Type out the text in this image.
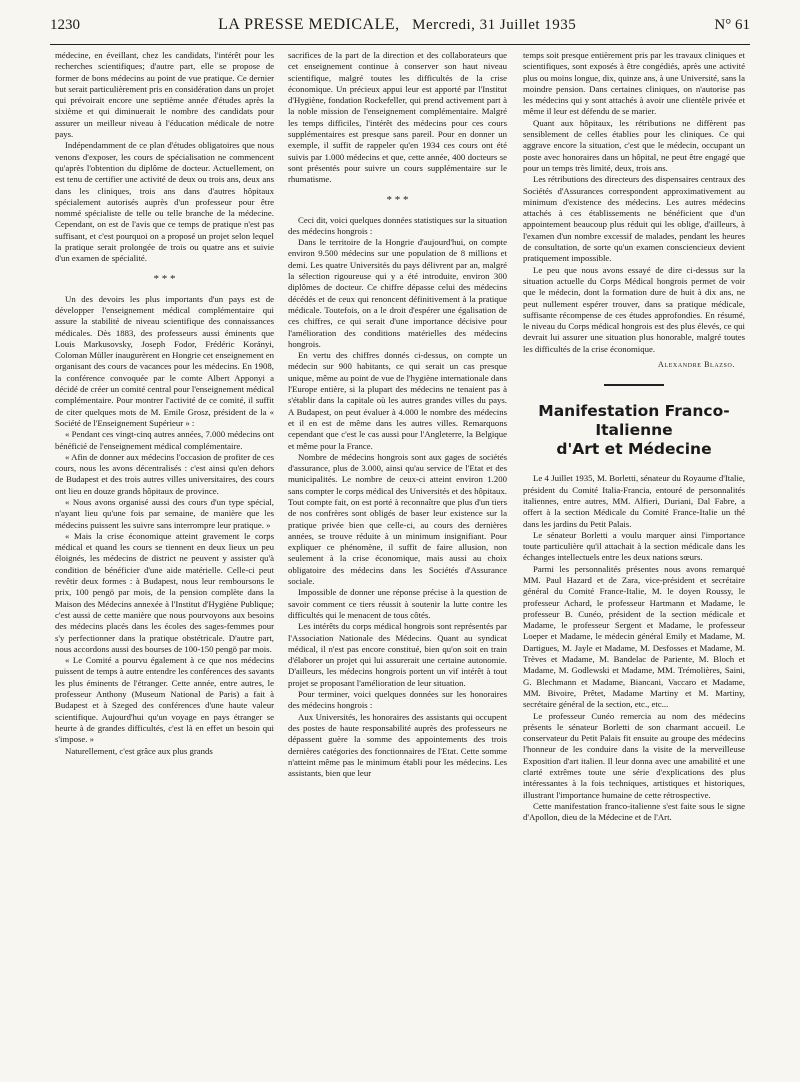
1230	LA PRESSE MEDICALE, Mercredi, 31 Juillet 1935	N° 61

médecine, en éveillant, chez les candidats, l'intérêt pour les recherches scientifiques; d'autre part, elle se propose de former de bons médecins au point de vue pratique. Ce dernier but serait particulièrement pris en considération dans un projet qui prévoirait encore une septième année d'études après la sixième et qui diminuerait le nombre des candidats pour assurer un meilleur niveau à l'éducation médicale de notre pays.

Indépendamment de ce plan d'études obligatoires que nous venons d'exposer, les cours de spécialisation ne commencent qu'après l'obtention du diplôme de docteur. Actuellement, on est tenu de certifier une activité de deux ou trois ans, deux ans dans les cliniques, trois ans dans d'autres hôpitaux spécialement autorisés auprès d'un professeur pour être nommé spécialiste de telle ou telle branche de la médecine. Cependant, on est de l'avis que ce temps de pratique n'est pas suffisant, et c'est pourquoi on a proposé un projet selon lequel la pratique serait prolongée de trois ou quatre ans et suivie d'un examen de spécialité.

* * *

Un des devoirs les plus importants d'un pays est de développer l'enseignement médical complémentaire qui assure la stabilité de niveau scientifique des connaissances médicales. Dès 1883, des professeurs aussi éminents que Louis Markusovsky, Joseph Fodor, Frédéric Korányi, Coloman Müller inaugurèrent en Hongrie cet enseignement en organisant des cours de vacances pour les médecins. En 1908, la conférence convoquée par le comte Albert Apponyi a décidé de créer un comité central pour l'enseignement médical complémentaire. Pour montrer l'activité de ce comité, il suffit de citer quelques mots de M. Emile Grosz, président de la « Société de l'Enseignement Supérieur » :

« Pendant ces vingt-cinq autres années, 7.000 médecins ont bénéficié de l'enseignement médical complémentaire.

« Afin de donner aux médecins l'occasion de profiter de ces cours, nous les avons décentralisés : c'est ainsi qu'en dehors de Budapest et des trois autres villes universitaires, des cours ont lieu en douze grands hôpitaux de province.

« Nous avons organisé aussi des cours d'un type spécial, n'ayant lieu qu'une fois par semaine, de manière que les médecins puissent les suivre sans interrompre leur pratique. »

« Mais la crise économique atteint gravement le corps médical et quand les cours se tiennent en deux lieux un peu éloignés, les médecins de district ne peuvent y assister qu'à condition de bénéficier d'une aide matérielle. Celle-ci peut revêtir deux formes : à Budapest, nous leur remboursons le prix, 100 pengö par mois, de la pension complète dans la Maison des Médecins annexée à l'Institut d'Hygiène Publique; c'est aussi de cette manière que nous pourvoyons aux besoins des médecins placés dans les écoles des sages-femmes pour s'y perfectionner dans la pratique obstétricale. D'autre part, nous accordons aussi des bourses de 100-150 pengö par mois.

« Le Comité a pourvu également à ce que nos médecins puissent de temps à autre entendre les conférences des savants les plus éminents de l'étranger. Cette année, entre autres, le professeur Anthony (Museum National de Paris) a fait à Budapest et à Szeged des conférences d'une haute valeur scientifique. Aujourd'hui qu'un voyage en pays étranger se heurte à de grandes difficultés, c'est là en effet un besoin qui s'impose. »

Naturellement, c'est grâce aux plus grands

sacrifices de la part de la direction et des collaborateurs que cet enseignement continue à conserver son haut niveau scientifique, malgré toutes les difficultés de la crise économique. Un précieux appui leur est apporté par l'Institut d'Hygiène, fondation Rockefeller, qui prend activement part à la noble mission de l'enseignement complémentaire. Malgré les temps difficiles, l'intérêt des médecins pour ces cours supplémentaires est presque sans pareil. Pour en donner un exemple, il suffit de rappeler qu'en 1934 ces cours ont été suivis par 1.000 médecins et que, cette année, 400 docteurs se sont présentés pour suivre un cours supplémentaire sur le rhumatisme.

* * *

Ceci dit, voici quelques données statistiques sur la situation des médecins hongrois :

Dans le territoire de la Hongrie d'aujourd'hui, on compte environ 9.500 médecins sur une population de 8 millions et demi. Les quatre Universités du pays délivrent par an, malgré la sélection rigoureuse qui y a été introduite, environ 300 diplômes de docteur. Ce chiffre dépasse celui des médecins décédés et de ceux qui renoncent définitivement à la pratique médicale. Toutefois, on a le droit d'espérer une égalisation de ces chiffres, ce qui serait d'une importance décisive pour l'amélioration des conditions matérielles des médecins hongrois.

En vertu des chiffres donnés ci-dessus, on compte un médecin sur 900 habitants, ce qui serait un cas presque unique, même au point de vue de l'hygiène internationale dans l'Europe entière, si la plupart des médecins ne tenaient pas à s'établir dans la capitale où les autres grandes villes du pays. A Budapest, on peut évaluer à 4.000 le nombre des médecins et il en est de même dans les autres villes. Remarquons cependant que c'est le cas aussi pour l'Angleterre, la Belgique et même pour la France.

Nombre de médecins hongrois sont aux gages de sociétés d'assurance, plus de 3.000, ainsi qu'au service de l'Etat et des municipalités. Le nombre de ceux-ci atteint environ 1.200 sans compter le corps médical des Universités et des hôpitaux. Tout compte fait, on est porté à reconnaître que plus d'un tiers de nos confrères sont obligés de baser leur existence sur la pratique privée bien que celle-ci, au cours des dernières années, se trouve réduite à un minimum insignifiant. Pour expliquer ce phénomène, il suffit de faire allusion, non seulement à la crise économique, mais aussi au choix obligatoire des médecins dans les Sociétés d'Assurance sociale.

Impossible de donner une réponse précise à la question de savoir comment ce tiers réussit à soutenir la lutte contre les difficultés qui le menacent de tous côtés.

Les intérêts du corps médical hongrois sont représentés par l'Association Nationale des Médecins. Quant au syndicat médical, il n'est pas encore constitué, bien qu'on soit en train d'élaborer un projet qui lui assurerait une certaine autonomie. D'ailleurs, les médecins hongrois portent un vif intérêt à tout projet se proposant l'amélioration de leur situation.

Pour terminer, voici quelques données sur les honoraires des médecins hongrois :

Aux Universités, les honoraires des assistants qui occupent des postes de haute responsabilité auprès des professeurs ne dépassent guère la somme des appointements des trois dernières catégories des fonctionnaires de l'Etat. Cette somme n'atteint même pas le minimum établi pour les médecins. Les assistants, bien que leur

temps soit presque entièrement pris par les travaux cliniques et scientifiques, sont exposés à être congédiés, après une activité plus ou moins longue, dix, quinze ans, à une Université, sans la moindre pension. Dans certaines cliniques, on n'autorise pas les médecins qui y sont attachés à avoir une clientèle privée et même il leur est défendu de se marier.

Quant aux hôpitaux, les rétributions ne diffèrent pas sensiblement de celles établies pour les cliniques. Ce qui aggrave encore la situation, c'est que le médecin, occupant un poste avec honoraires dans un hôpital, ne peut être engagé que pour un temps très limité, deux, trois ans.

Les rétributions des directeurs des dispensaires centraux des Sociétés d'Assurances correspondent approximativement au minimum d'existence des médecins. Les autres médecins attachés à ces établissements ne bénéficient que d'un appointement beaucoup plus réduit qui les oblige, d'ailleurs, à l'examen d'un nombre excessif de malades, pendant les heures de consultation, de sorte qu'un examen consciencieux devient pratiquement impossible.

Le peu que nous avons essayé de dire ci-dessus sur la situation actuelle du Corps Médical hongrois permet de voir que le médecin, dont la formation dure de huit à dix ans, ne peut nullement espérer trouver, dans sa pratique médicale, suffisante récompense de ces études approfondies. En résumé, le niveau du Corps médical hongrois est des plus élevés, ce qui devrait lui assurer une situation plus honorable, malgré toutes les difficultés de la crise économique.

Alexandre Blazso.
Manifestation Franco-Italienne
d'Art et Médecine

Le 4 Juillet 1935, M. Borletti, sénateur du Royaume d'Italie, président du Comité Italia-Francia, entouré de personnalités italiennes, entre autres, MM. Alfieri, Duriani, Dal Fabre, a offert à la section Médicale du Comité France-Italie un thé dans les jardins du Petit Palais.

Le sénateur Borletti a voulu marquer ainsi l'importance toute particulière qu'il attachait à la section médicale dans les échanges intellectuels entre les deux nations sœurs.

Parmi les personnalités présentes nous avons remarqué MM. Paul Hazard et de Zara, vice-président et secrétaire général du Comité France-Italie, M. le doyen Roussy, le professeur Achard, le professeur Hartmann et Madame, le professeur B. Cunéo, président de la section médicale et Madame, le professeur Sergent et Madame, le professeur Loeper et Madame, le médecin général Emily et Madame, M. Dartigues, M. Jayle et Madame, M. Desfosses et Madame, M. Trèves et Madame, M. Bandelac de Pariente, M. Bloch et Madame, M. Godlewski et Madame, MM. Trémolières, Saini, G. Blechmann et Madame, Biancani, Vaccaro et Madame, MM. Bivoire, Prêtet, Madame Martiny et M. Martiny, secrétaire général de la section, etc., etc...

Le professeur Cunéo remercia au nom des médecins présents le sénateur Borletti de son charmant accueil. Le conservateur du Petit Palais fit ensuite au groupe des médecins l'honneur de les conduire dans la visite de la merveilleuse Exposition d'art italien. Il leur donna avec une amabilité et une clarté extrêmes toute une série d'explications des plus intéressantes à la fois techniques, artistiques et historiques, illustrant l'importance humaine de cette rétrospective.

Cette manifestation franco-italienne s'est faite sous le signe d'Apollon, dieu de la Médecine et de l'Art.
